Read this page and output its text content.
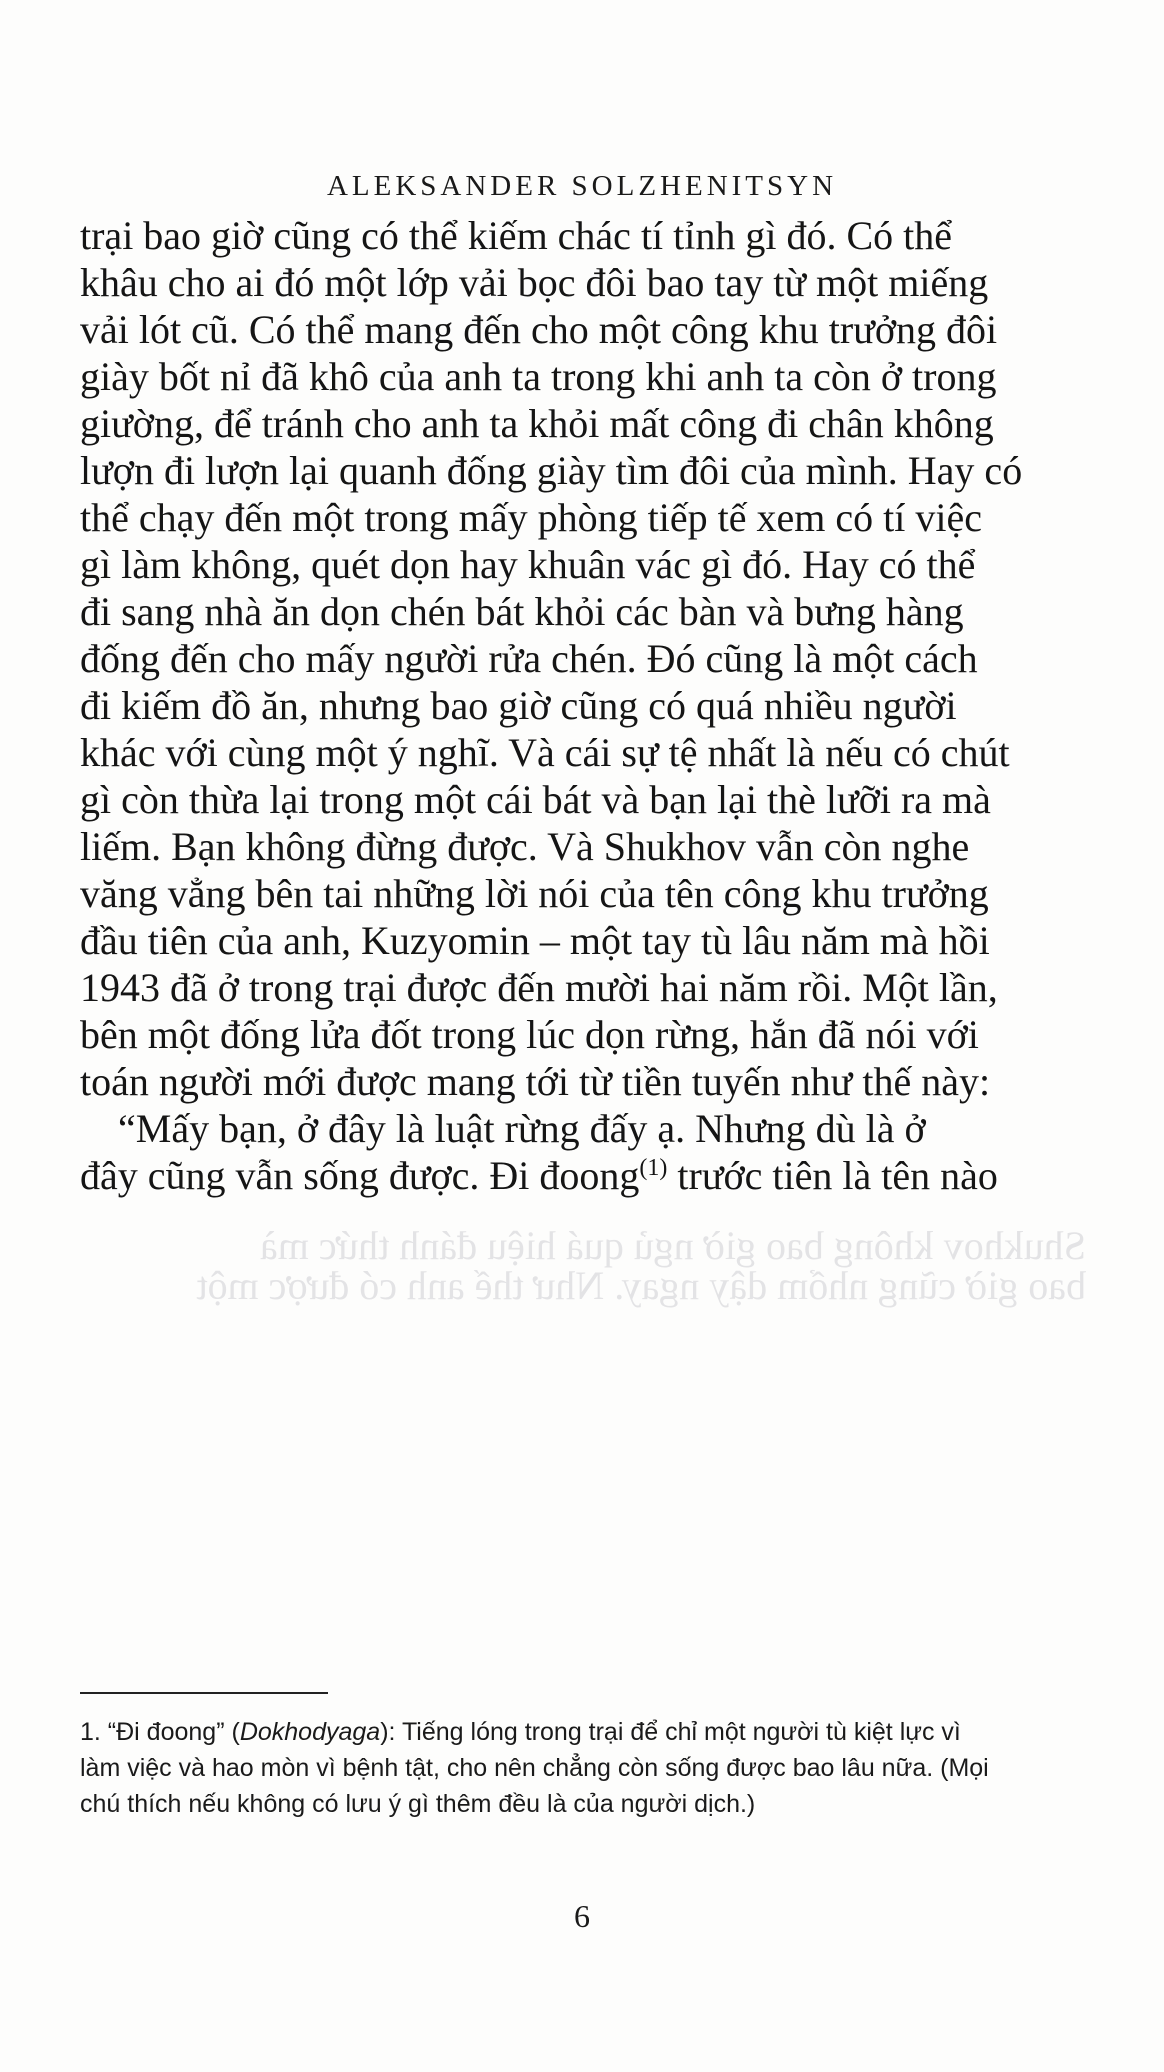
ALEKSANDER SOLZHENITSYN
trại bao giờ cũng có thể kiếm chác tí tỉnh gì đó. Có thể
khâu cho ai đó một lớp vải bọc đôi bao tay từ một miếng
vải lót cũ. Có thể mang đến cho một công khu trưởng đôi
giày bốt nỉ đã khô của anh ta trong khi anh ta còn ở trong
giường, để tránh cho anh ta khỏi mất công đi chân không
lượn đi lượn lại quanh đống giày tìm đôi của mình. Hay có
thể chạy đến một trong mấy phòng tiếp tế xem có tí việc
gì làm không, quét dọn hay khuân vác gì đó. Hay có thể
đi sang nhà ăn dọn chén bát khỏi các bàn và bưng hàng
đống đến cho mấy người rửa chén. Đó cũng là một cách
đi kiếm đồ ăn, nhưng bao giờ cũng có quá nhiều người
khác với cùng một ý nghĩ. Và cái sự tệ nhất là nếu có chút
gì còn thừa lại trong một cái bát và bạn lại thè lưỡi ra mà
liếm. Bạn không đừng được. Và Shukhov vẫn còn nghe
văng vẳng bên tai những lời nói của tên công khu trưởng
đầu tiên của anh, Kuzyomin – một tay tù lâu năm mà hồi
1943 đã ở trong trại được đến mười hai năm rồi. Một lần,
bên một đống lửa đốt trong lúc dọn rừng, hắn đã nói với
toán người mới được mang tới từ tiền tuyến như thế này:
“Mấy bạn, ở đây là luật rừng đấy ạ. Nhưng dù là ở
đây cũng vẫn sống được. Đi đoong$^{(1)}$ trước tiên là tên nào
Shukhov không bao giờ ngủ quá hiệu đánh thức mà
bao giờ cũng nhổm dậy ngay. Như thế anh có được một
1. “Đi đoong” (Dokhodyaga): Tiếng lóng trong trại để chỉ một người tù kiệt lực vì
làm việc và hao mòn vì bệnh tật, cho nên chẳng còn sống được bao lâu nữa. (Mọi
chú thích nếu không có lưu ý gì thêm đều là của người dịch.)
6
